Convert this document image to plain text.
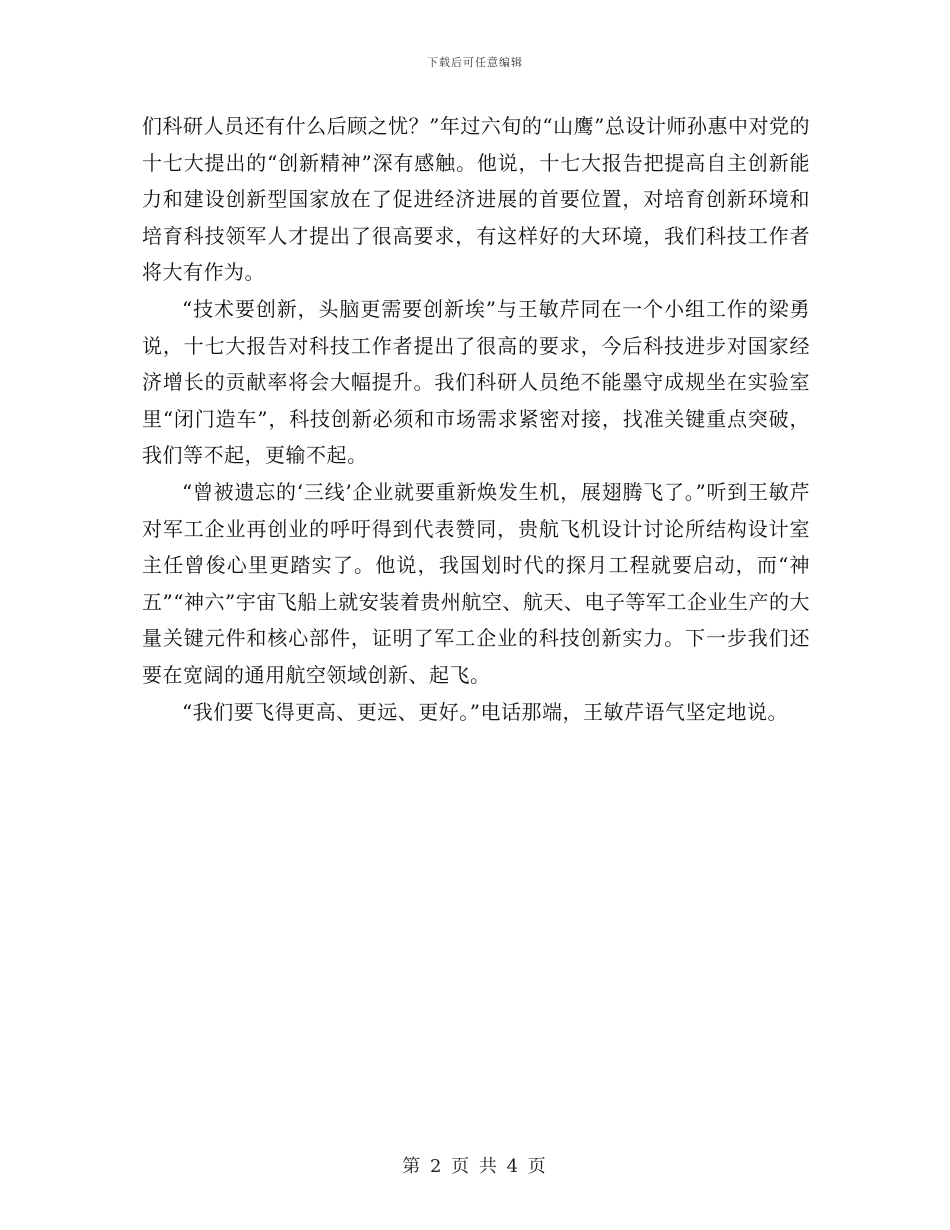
下载后可任意编辑

们科研人员还有什么后顾之忧？”年过六旬的“山鹰”总设计师孙惠中对党的十七大提出的“创新精神”深有感触。他说，十七大报告把提高自主创新能力和建设创新型国家放在了促进经济进展的首要位置，对培育创新环境和培育科技领军人才提出了很高要求，有这样好的大环境，我们科技工作者将大有作为。

“技术要创新，头脑更需要创新埃”与王敏芹同在一个小组工作的梁勇说，十七大报告对科技工作者提出了很高的要求，今后科技进步对国家经济增长的贡献率将会大幅提升。我们科研人员绝不能墨守成规坐在实验室里“闭门造车”，科技创新必须和市场需求紧密对接，找准关键重点突破，我们等不起，更输不起。

“曾被遗忘的‘三线’企业就要重新焕发生机，展翅腾飞了。”听到王敏芹对军工企业再创业的呼吁得到代表赞同，贵航飞机设计讨论所结构设计室主任曾俊心里更踏实了。他说，我国划时代的探月工程就要启动，而“神五”“神六”宇宙飞船上就安装着贵州航空、航天、电子等军工企业生产的大量关键元件和核心部件，证明了军工企业的科技创新实力。下一步我们还要在宽阔的通用航空领域创新、起飞。

“我们要飞得更高、更远、更好。”电话那端，王敏芹语气坚定地说。

第 2 页 共 4 页
